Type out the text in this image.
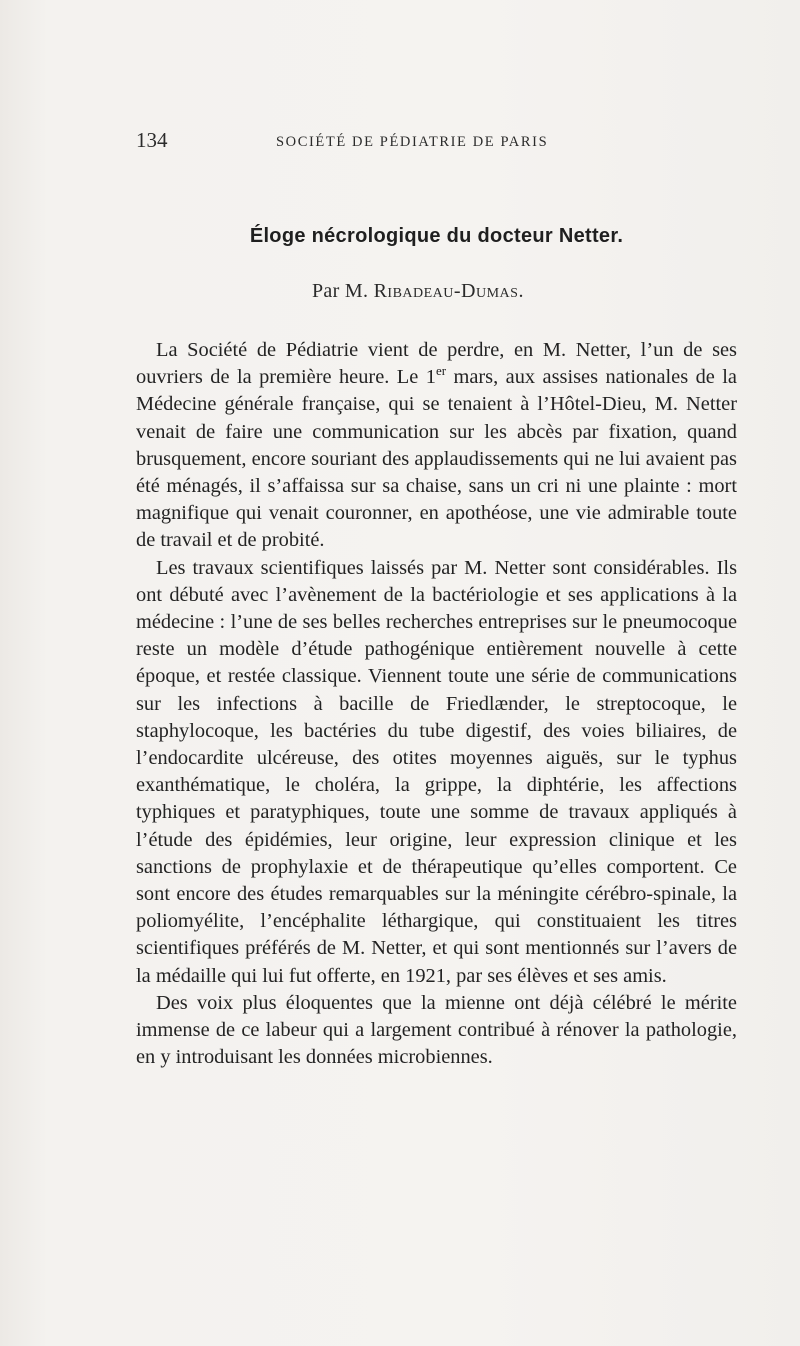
134	SOCIÉTÉ DE PÉDIATRIE DE PARIS
Éloge nécrologique du docteur Netter.
Par M. Ribadeau-Dumas.

La Société de Pédiatrie vient de perdre, en M. Netter, l’un de ses ouvriers de la première heure. Le 1er mars, aux assises nationales de la Médecine générale française, qui se tenaient à l’Hôtel-Dieu, M. Netter venait de faire une communication sur les abcès par fixation, quand brusquement, encore souriant des applaudissements qui ne lui avaient pas été ménagés, il s’affaissa sur sa chaise, sans un cri ni une plainte : mort magnifique qui venait couronner, en apothéose, une vie admirable toute de travail et de probité.

Les travaux scientifiques laissés par M. Netter sont considérables. Ils ont débuté avec l’avènement de la bactériologie et ses applications à la médecine : l’une de ses belles recherches entreprises sur le pneumocoque reste un modèle d’étude pathogénique entièrement nouvelle à cette époque, et restée classique. Viennent toute une série de communications sur les infections à bacille de Friedlænder, le streptocoque, le staphylocoque, les bactéries du tube digestif, des voies biliaires, de l’endocardite ulcéreuse, des otites moyennes aiguës, sur le typhus exanthématique, le choléra, la grippe, la diphtérie, les affections typhiques et paratyphiques, toute une somme de travaux appliqués à l’étude des épidémies, leur origine, leur expression clinique et les sanctions de prophylaxie et de thérapeutique qu’elles comportent. Ce sont encore des études remarquables sur la méningite cérébro-spinale, la poliomyélite, l’encéphalite léthargique, qui constituaient les titres scientifiques préférés de M. Netter, et qui sont mentionnés sur l’avers de la médaille qui lui fut offerte, en 1921, par ses élèves et ses amis.

Des voix plus éloquentes que la mienne ont déjà célébré le mérite immense de ce labeur qui a largement contribué à rénover la pathologie, en y introduisant les données microbiennes.
